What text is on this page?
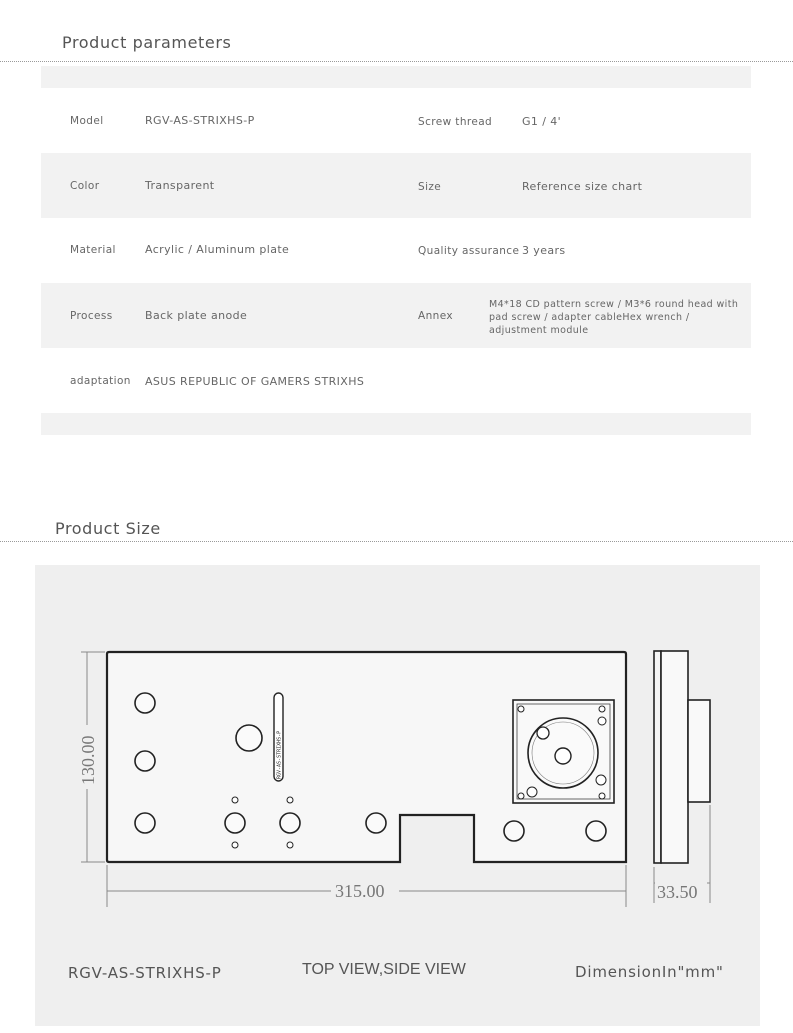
Product parameters
Model	RGV-AS-STRIXHS-P	Screw thread	G1 / 4'
Color	Transparent	Size	Reference size chart
Material	Acrylic / Aluminum plate	Quality assurance 3 years
Process	Back plate anode	Annex
M4*18 CD pattern screw / M3*6 round head with pad screw / adapter cableHex wrench / adjustment module
adaptation ASUS REPUBLIC OF GAMERS STRIXHS
Product Size
RGV-AS-STRIXHS-P
130.00
315.00	33.50
RGV-AS-STRIXHS-P	TOP VIEW,SIDE VIEW	DimensionIn"mm"
